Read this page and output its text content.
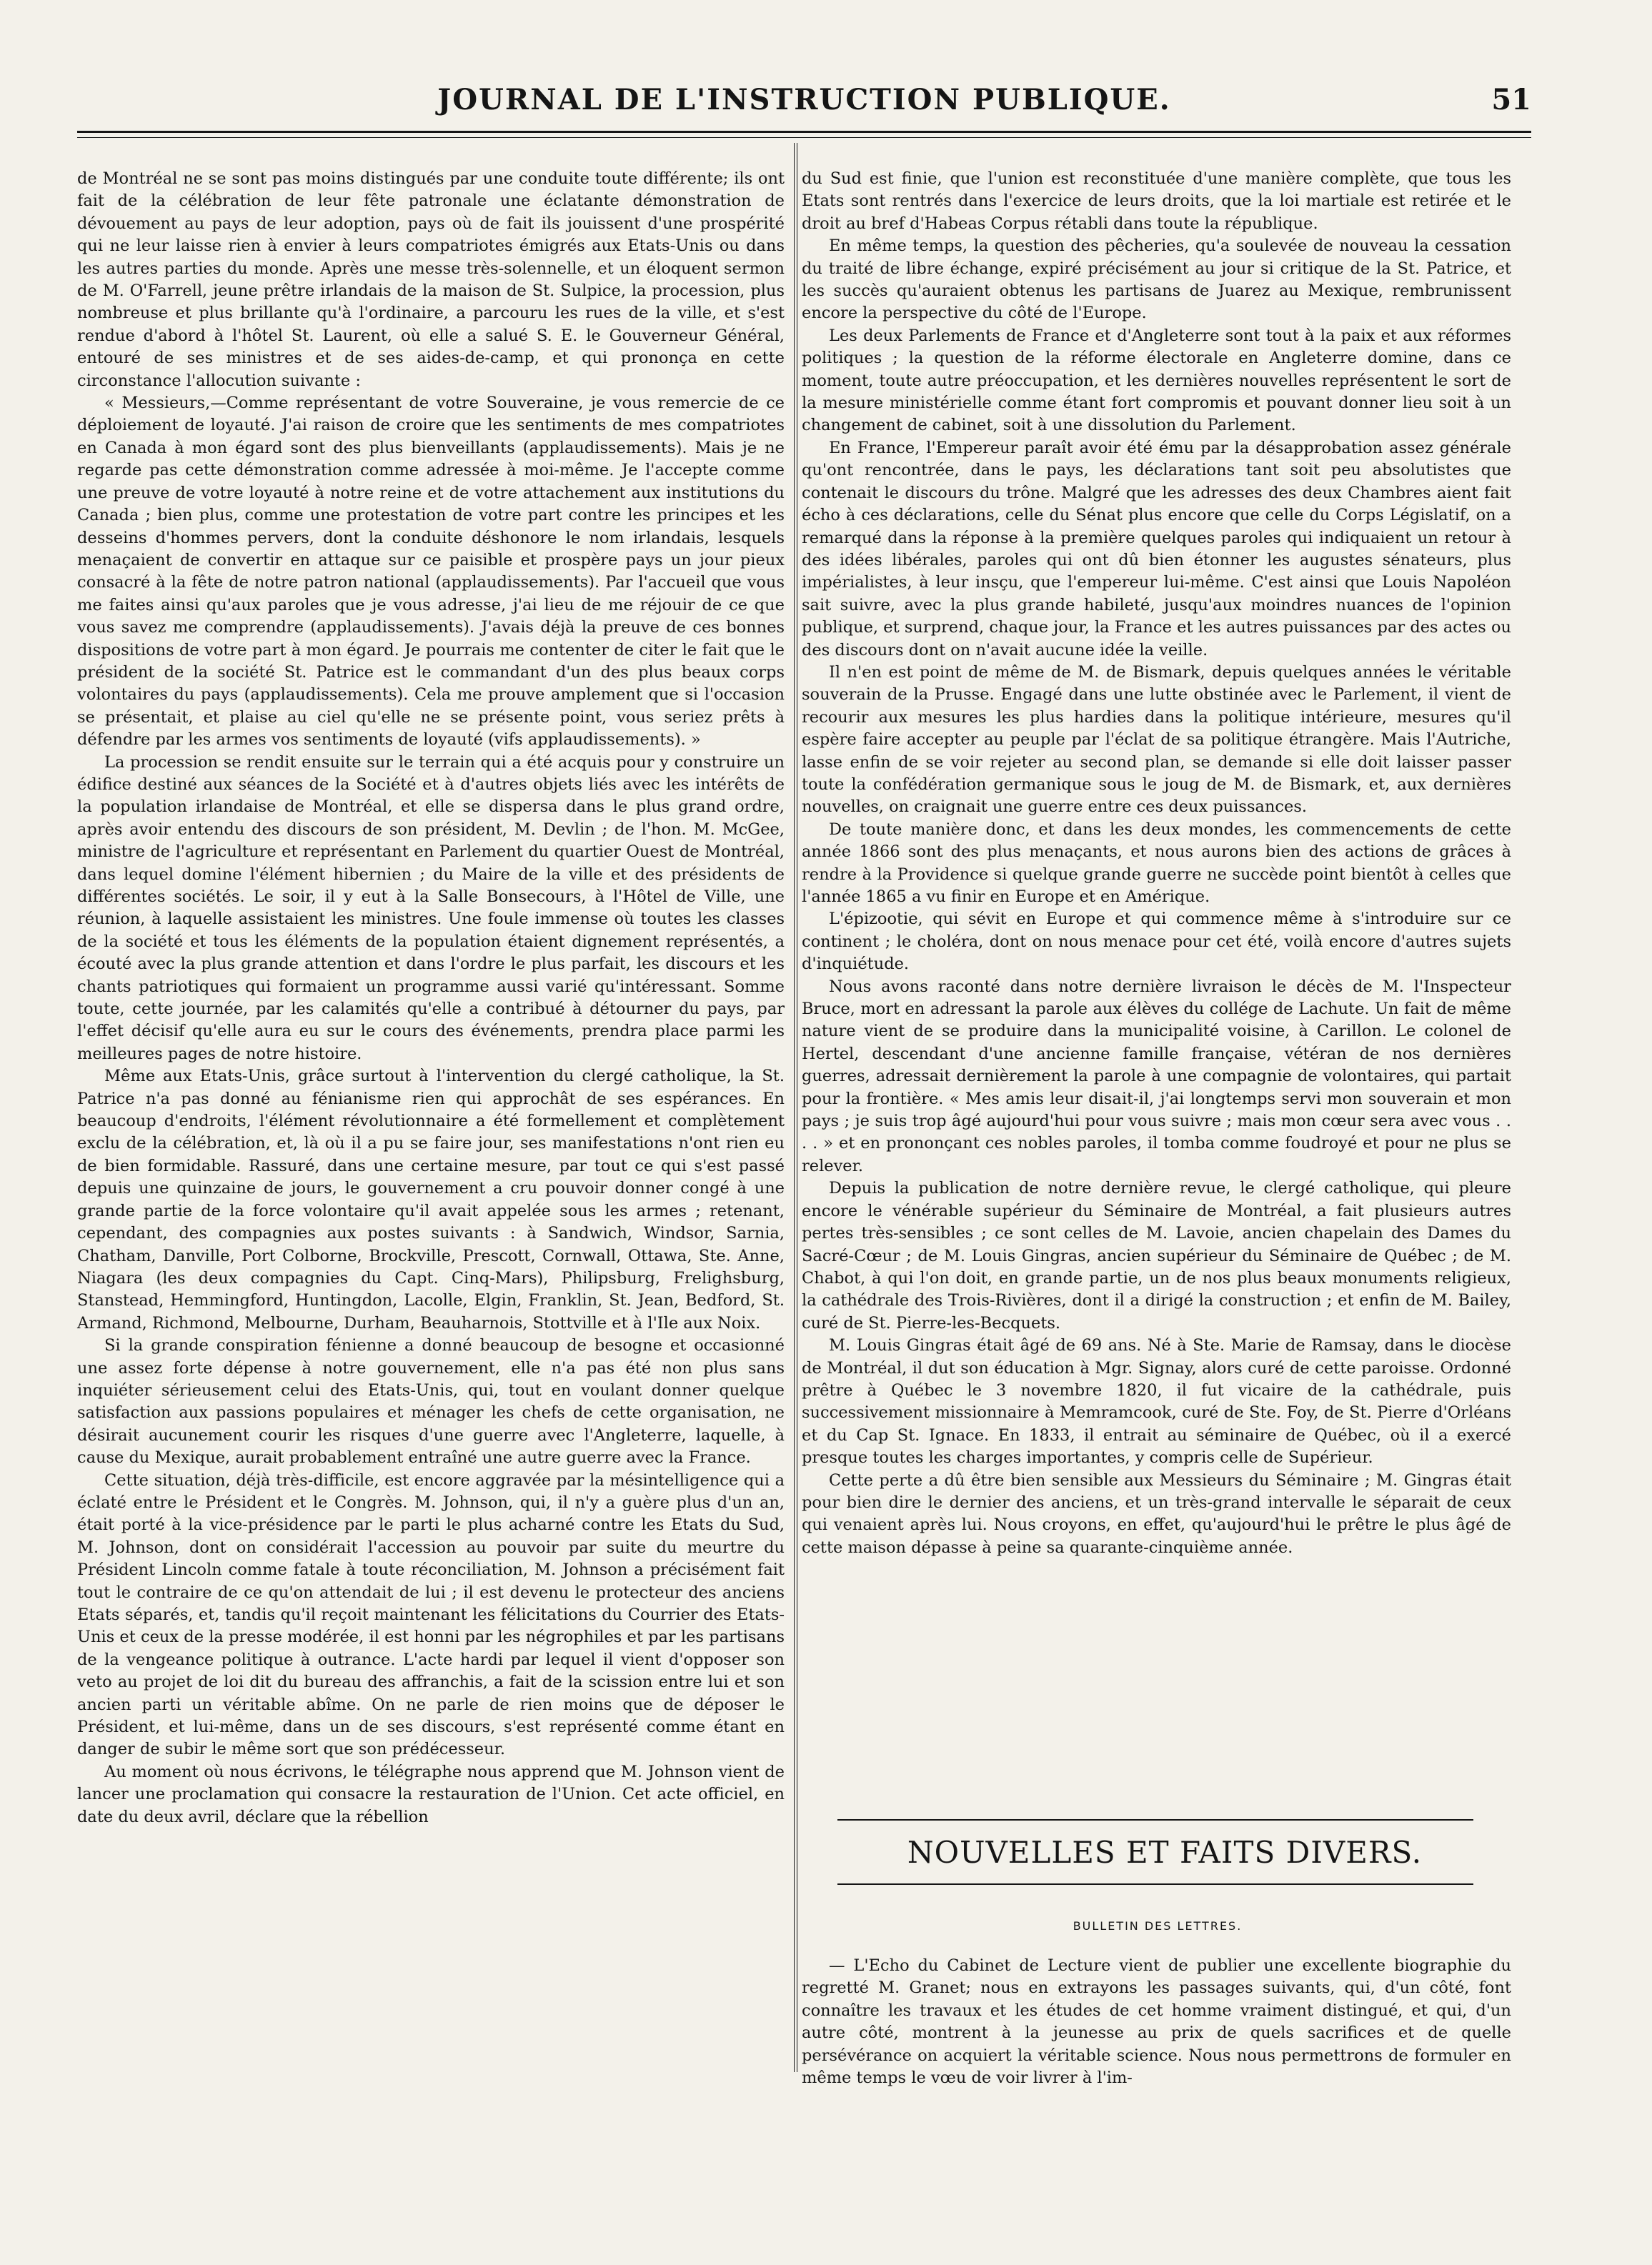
JOURNAL DE L'INSTRUCTION PUBLIQUE.	51

de Montréal ne se sont pas moins distingués par une conduite toute différente; ils ont fait de la célébration de leur fête patronale une éclatante démonstration de dévouement au pays de leur adoption, pays où de fait ils jouissent d'une prospérité qui ne leur laisse rien à envier à leurs compatriotes émigrés aux Etats-Unis ou dans les autres parties du monde. Après une messe très-solennelle, et un éloquent sermon de M. O'Farrell, jeune prêtre irlandais de la maison de St. Sulpice, la procession, plus nombreuse et plus brillante qu'à l'ordinaire, a parcouru les rues de la ville, et s'est rendue d'abord à l'hôtel St. Laurent, où elle a salué S. E. le Gouverneur Général, entouré de ses ministres et de ses aides-de-camp, et qui prononça en cette circonstance l'allocution suivante :

« Messieurs,—Comme représentant de votre Souveraine, je vous remercie de ce déploiement de loyauté. J'ai raison de croire que les sentiments de mes compatriotes en Canada à mon égard sont des plus bienveillants (applaudissements). Mais je ne regarde pas cette démonstration comme adressée à moi-même. Je l'accepte comme une preuve de votre loyauté à notre reine et de votre attachement aux institutions du Canada ; bien plus, comme une protestation de votre part contre les principes et les desseins d'hommes pervers, dont la conduite déshonore le nom irlandais, lesquels menaçaient de convertir en attaque sur ce paisible et prospère pays un jour pieux consacré à la fête de notre patron national (applaudissements). Par l'accueil que vous me faites ainsi qu'aux paroles que je vous adresse, j'ai lieu de me réjouir de ce que vous savez me comprendre (applaudissements). J'avais déjà la preuve de ces bonnes dispositions de votre part à mon égard. Je pourrais me contenter de citer le fait que le président de la société St. Patrice est le commandant d'un des plus beaux corps volontaires du pays (applaudissements). Cela me prouve amplement que si l'occasion se présentait, et plaise au ciel qu'elle ne se présente point, vous seriez prêts à défendre par les armes vos sentiments de loyauté (vifs applaudissements). »

La procession se rendit ensuite sur le terrain qui a été acquis pour y construire un édifice destiné aux séances de la Société et à d'autres objets liés avec les intérêts de la population irlandaise de Montréal, et elle se dispersa dans le plus grand ordre, après avoir entendu des discours de son président, M. Devlin ; de l'hon. M. McGee, ministre de l'agriculture et représentant en Parlement du quartier Ouest de Montréal, dans lequel domine l'élément hibernien ; du Maire de la ville et des présidents de différentes sociétés. Le soir, il y eut à la Salle Bonsecours, à l'Hôtel de Ville, une réunion, à laquelle assistaient les ministres. Une foule immense où toutes les classes de la société et tous les éléments de la population étaient dignement représentés, a écouté avec la plus grande attention et dans l'ordre le plus parfait, les discours et les chants patriotiques qui formaient un programme aussi varié qu'intéressant. Somme toute, cette journée, par les calamités qu'elle a contribué à détourner du pays, par l'effet décisif qu'elle aura eu sur le cours des événements, prendra place parmi les meilleures pages de notre histoire.

Même aux Etats-Unis, grâce surtout à l'intervention du clergé catholique, la St. Patrice n'a pas donné au fénianisme rien qui approchât de ses espérances. En beaucoup d'endroits, l'élément révolutionnaire a été formellement et complètement exclu de la célébration, et, là où il a pu se faire jour, ses manifestations n'ont rien eu de bien formidable. Rassuré, dans une certaine mesure, par tout ce qui s'est passé depuis une quinzaine de jours, le gouvernement a cru pouvoir donner congé à une grande partie de la force volontaire qu'il avait appelée sous les armes ; retenant, cependant, des compagnies aux postes suivants : à Sandwich, Windsor, Sarnia, Chatham, Danville, Port Colborne, Brockville, Prescott, Cornwall, Ottawa, Ste. Anne, Niagara (les deux compagnies du Capt. Cinq-Mars), Philipsburg, Frelighsburg, Stanstead, Hemmingford, Huntingdon, Lacolle, Elgin, Franklin, St. Jean, Bedford, St. Armand, Richmond, Melbourne, Durham, Beauharnois, Stottville et à l'Ile aux Noix.

Si la grande conspiration fénienne a donné beaucoup de besogne et occasionné une assez forte dépense à notre gouvernement, elle n'a pas été non plus sans inquiéter sérieusement celui des Etats-Unis, qui, tout en voulant donner quelque satisfaction aux passions populaires et ménager les chefs de cette organisation, ne désirait aucunement courir les risques d'une guerre avec l'Angleterre, laquelle, à cause du Mexique, aurait probablement entraîné une autre guerre avec la France.

Cette situation, déjà très-difficile, est encore aggravée par la mésintelligence qui a éclaté entre le Président et le Congrès. M. Johnson, qui, il n'y a guère plus d'un an, était porté à la vice-présidence par le parti le plus acharné contre les Etats du Sud, M. Johnson, dont on considérait l'accession au pouvoir par suite du meurtre du Président Lincoln comme fatale à toute réconciliation, M. Johnson a précisément fait tout le contraire de ce qu'on attendait de lui ; il est devenu le protecteur des anciens Etats séparés, et, tandis qu'il reçoit maintenant les félicitations du Courrier des Etats-Unis et ceux de la presse modérée, il est honni par les négrophiles et par les partisans de la vengeance politique à outrance. L'acte hardi par lequel il vient d'opposer son veto au projet de loi dit du bureau des affranchis, a fait de la scission entre lui et son ancien parti un véritable abîme. On ne parle de rien moins que de déposer le Président, et lui-même, dans un de ses discours, s'est représenté comme étant en danger de subir le même sort que son prédécesseur.

Au moment où nous écrivons, le télégraphe nous apprend que M. Johnson vient de lancer une proclamation qui consacre la restauration de l'Union. Cet acte officiel, en date du deux avril, déclare que la rébellion

du Sud est finie, que l'union est reconstituée d'une manière complète, que tous les Etats sont rentrés dans l'exercice de leurs droits, que la loi martiale est retirée et le droit au bref d'Habeas Corpus rétabli dans toute la république.

En même temps, la question des pêcheries, qu'a soulevée de nouveau la cessation du traité de libre échange, expiré précisément au jour si critique de la St. Patrice, et les succès qu'auraient obtenus les partisans de Juarez au Mexique, rembrunissent encore la perspective du côté de l'Europe.

Les deux Parlements de France et d'Angleterre sont tout à la paix et aux réformes politiques ; la question de la réforme électorale en Angleterre domine, dans ce moment, toute autre préoccupation, et les dernières nouvelles représentent le sort de la mesure ministérielle comme étant fort compromis et pouvant donner lieu soit à un changement de cabinet, soit à une dissolution du Parlement.

En France, l'Empereur paraît avoir été ému par la désapprobation assez générale qu'ont rencontrée, dans le pays, les déclarations tant soit peu absolutistes que contenait le discours du trône. Malgré que les adresses des deux Chambres aient fait écho à ces déclarations, celle du Sénat plus encore que celle du Corps Législatif, on a remarqué dans la réponse à la première quelques paroles qui indiquaient un retour à des idées libérales, paroles qui ont dû bien étonner les augustes sénateurs, plus impérialistes, à leur insçu, que l'empereur lui-même. C'est ainsi que Louis Napoléon sait suivre, avec la plus grande habileté, jusqu'aux moindres nuances de l'opinion publique, et surprend, chaque jour, la France et les autres puissances par des actes ou des discours dont on n'avait aucune idée la veille.

Il n'en est point de même de M. de Bismark, depuis quelques années le véritable souverain de la Prusse. Engagé dans une lutte obstinée avec le Parlement, il vient de recourir aux mesures les plus hardies dans la politique intérieure, mesures qu'il espère faire accepter au peuple par l'éclat de sa politique étrangère. Mais l'Autriche, lasse enfin de se voir rejeter au second plan, se demande si elle doit laisser passer toute la confédération germanique sous le joug de M. de Bismark, et, aux dernières nouvelles, on craignait une guerre entre ces deux puissances.

De toute manière donc, et dans les deux mondes, les commencements de cette année 1866 sont des plus menaçants, et nous aurons bien des actions de grâces à rendre à la Providence si quelque grande guerre ne succède point bientôt à celles que l'année 1865 a vu finir en Europe et en Amérique.

L'épizootie, qui sévit en Europe et qui commence même à s'introduire sur ce continent ; le choléra, dont on nous menace pour cet été, voilà encore d'autres sujets d'inquiétude.

Nous avons raconté dans notre dernière livraison le décès de M. l'Inspecteur Bruce, mort en adressant la parole aux élèves du collége de Lachute. Un fait de même nature vient de se produire dans la municipalité voisine, à Carillon. Le colonel de Hertel, descendant d'une ancienne famille française, vétéran de nos dernières guerres, adressait dernièrement la parole à une compagnie de volontaires, qui partait pour la frontière. « Mes amis leur disait-il, j'ai longtemps servi mon souverain et mon pays ; je suis trop âgé aujourd'hui pour vous suivre ; mais mon cœur sera avec vous . . . . » et en prononçant ces nobles paroles, il tomba comme foudroyé et pour ne plus se relever.

Depuis la publication de notre dernière revue, le clergé catholique, qui pleure encore le vénérable supérieur du Séminaire de Montréal, a fait plusieurs autres pertes très-sensibles ; ce sont celles de M. Lavoie, ancien chapelain des Dames du Sacré-Cœur ; de M. Louis Gingras, ancien supérieur du Séminaire de Québec ; de M. Chabot, à qui l'on doit, en grande partie, un de nos plus beaux monuments religieux, la cathédrale des Trois-Rivières, dont il a dirigé la construction ; et enfin de M. Bailey, curé de St. Pierre-les-Becquets.

M. Louis Gingras était âgé de 69 ans. Né à Ste. Marie de Ramsay, dans le diocèse de Montréal, il dut son éducation à Mgr. Signay, alors curé de cette paroisse. Ordonné prêtre à Québec le 3 novembre 1820, il fut vicaire de la cathédrale, puis successivement missionnaire à Memramcook, curé de Ste. Foy, de St. Pierre d'Orléans et du Cap St. Ignace. En 1833, il entrait au séminaire de Québec, où il a exercé presque toutes les charges importantes, y compris celle de Supérieur.

Cette perte a dû être bien sensible aux Messieurs du Séminaire ; M. Gingras était pour bien dire le dernier des anciens, et un très-grand intervalle le séparait de ceux qui venaient après lui. Nous croyons, en effet, qu'aujourd'hui le prêtre le plus âgé de cette maison dépasse à peine sa quarante-cinquième année.

NOUVELLES ET FAITS DIVERS.
BULLETIN DES LETTRES.

— L'Echo du Cabinet de Lecture vient de publier une excellente biographie du regretté M. Granet; nous en extrayons les passages suivants, qui, d'un côté, font connaître les travaux et les études de cet homme vraiment distingué, et qui, d'un autre côté, montrent à la jeunesse au prix de quels sacrifices et de quelle persévérance on acquiert la véritable science. Nous nous permettrons de formuler en même temps le vœu de voir livrer à l'im-
